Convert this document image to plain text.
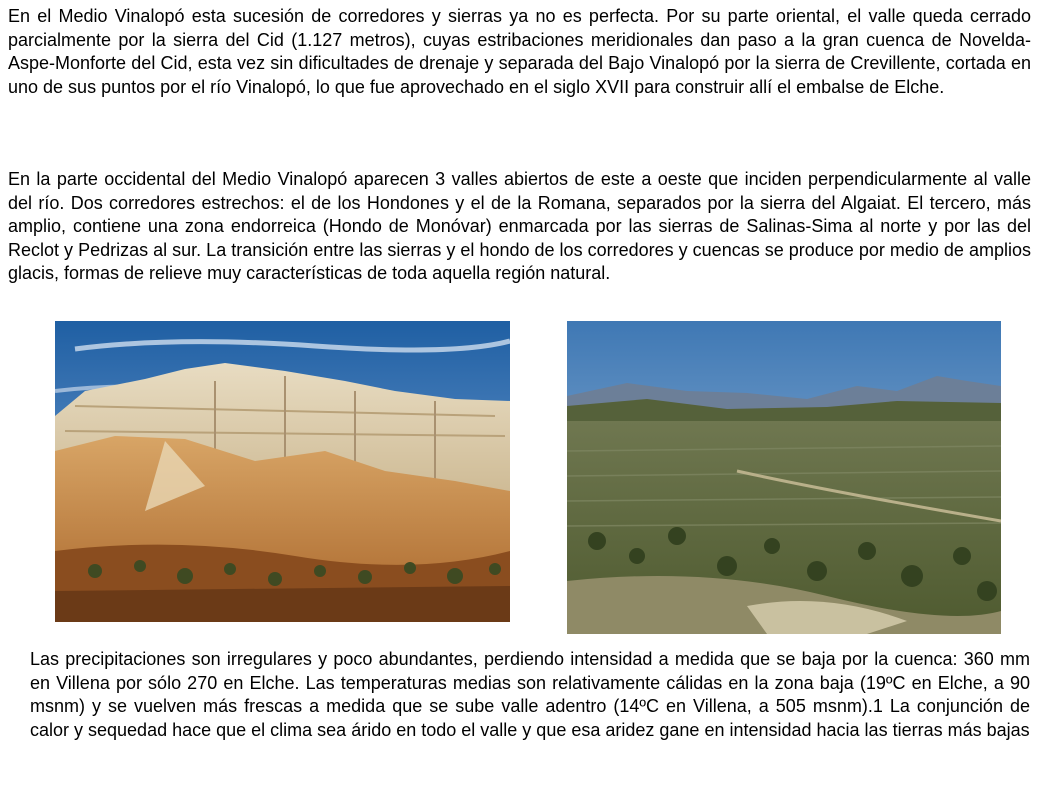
En el Medio Vinalopó esta sucesión de corredores y sierras ya no es perfecta. Por su parte oriental, el valle queda cerrado parcialmente por la sierra del Cid (1.127 metros), cuyas estribaciones meridionales dan paso a la gran cuenca de Novelda-Aspe-Monforte del Cid, esta vez sin dificultades de drenaje y separada del Bajo Vinalopó por la sierra de Crevillente, cortada en uno de sus puntos por el río Vinalopó, lo que fue aprovechado en el siglo XVII para construir allí el embalse de Elche.

En la parte occidental del Medio Vinalopó aparecen 3 valles abiertos de este a oeste que inciden perpendicularmente al valle del río. Dos corredores estrechos: el de los Hondones y el de la Romana, separados por la sierra del Algaiat. El tercero, más amplio, contiene una zona endorreica (Hondo de Monóvar) enmarcada por las sierras de Salinas-Sima al norte y por las del Reclot y Pedrizas al sur. La transición entre las sierras y el hondo de los corredores y cuencas se produce por medio de amplios glacis, formas de relieve muy características de toda aquella región natural.

Las precipitaciones son irregulares y poco abundantes, perdiendo intensidad a medida que se baja por la cuenca: 360 mm en Villena por sólo 270 en Elche. Las temperaturas medias son relativamente cálidas en la zona baja (19ºC en Elche, a 90 msnm) y se vuelven más frescas a medida que se sube valle adentro (14ºC en Villena, a 505 msnm).1 La conjunción de calor y sequedad hace que el clima sea árido en todo el valle y que esa aridez gane en intensidad hacia las tierras más bajas
